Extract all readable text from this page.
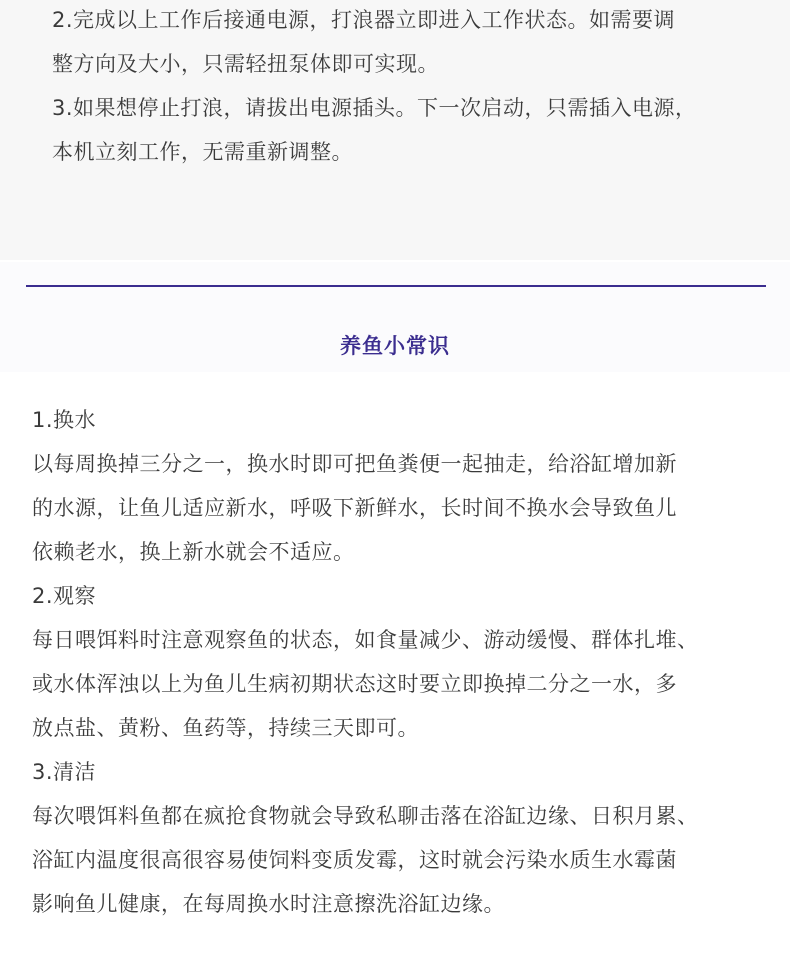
2.完成以上工作后接通电源，打浪器立即进入工作状态。如需要调
整方向及大小，只需轻扭泵体即可实现。

3.如果想停止打浪，请拔出电源插头。下一次启动，只需插入电源，
本机立刻工作，无需重新调整。

养鱼小常识
1.换水
以每周换掉三分之一，换水时即可把鱼粪便一起抽走，给浴缸增加新
的水源，让鱼儿适应新水，呼吸下新鲜水，长时间不换水会导致鱼儿
依赖老水，换上新水就会不适应。
2.观察
每日喂饵料时注意观察鱼的状态，如食量减少、游动缓慢、群体扎堆、
或水体浑浊以上为鱼儿生病初期状态这时要立即换掉二分之一水，多
放点盐、黄粉、鱼药等，持续三天即可。
3.清洁
每次喂饵料鱼都在疯抢食物就会导致私聊击落在浴缸边缘、日积月累、
浴缸内温度很高很容易使饲料变质发霉，这时就会污染水质生水霉菌
影响鱼儿健康，在每周换水时注意擦洗浴缸边缘。
